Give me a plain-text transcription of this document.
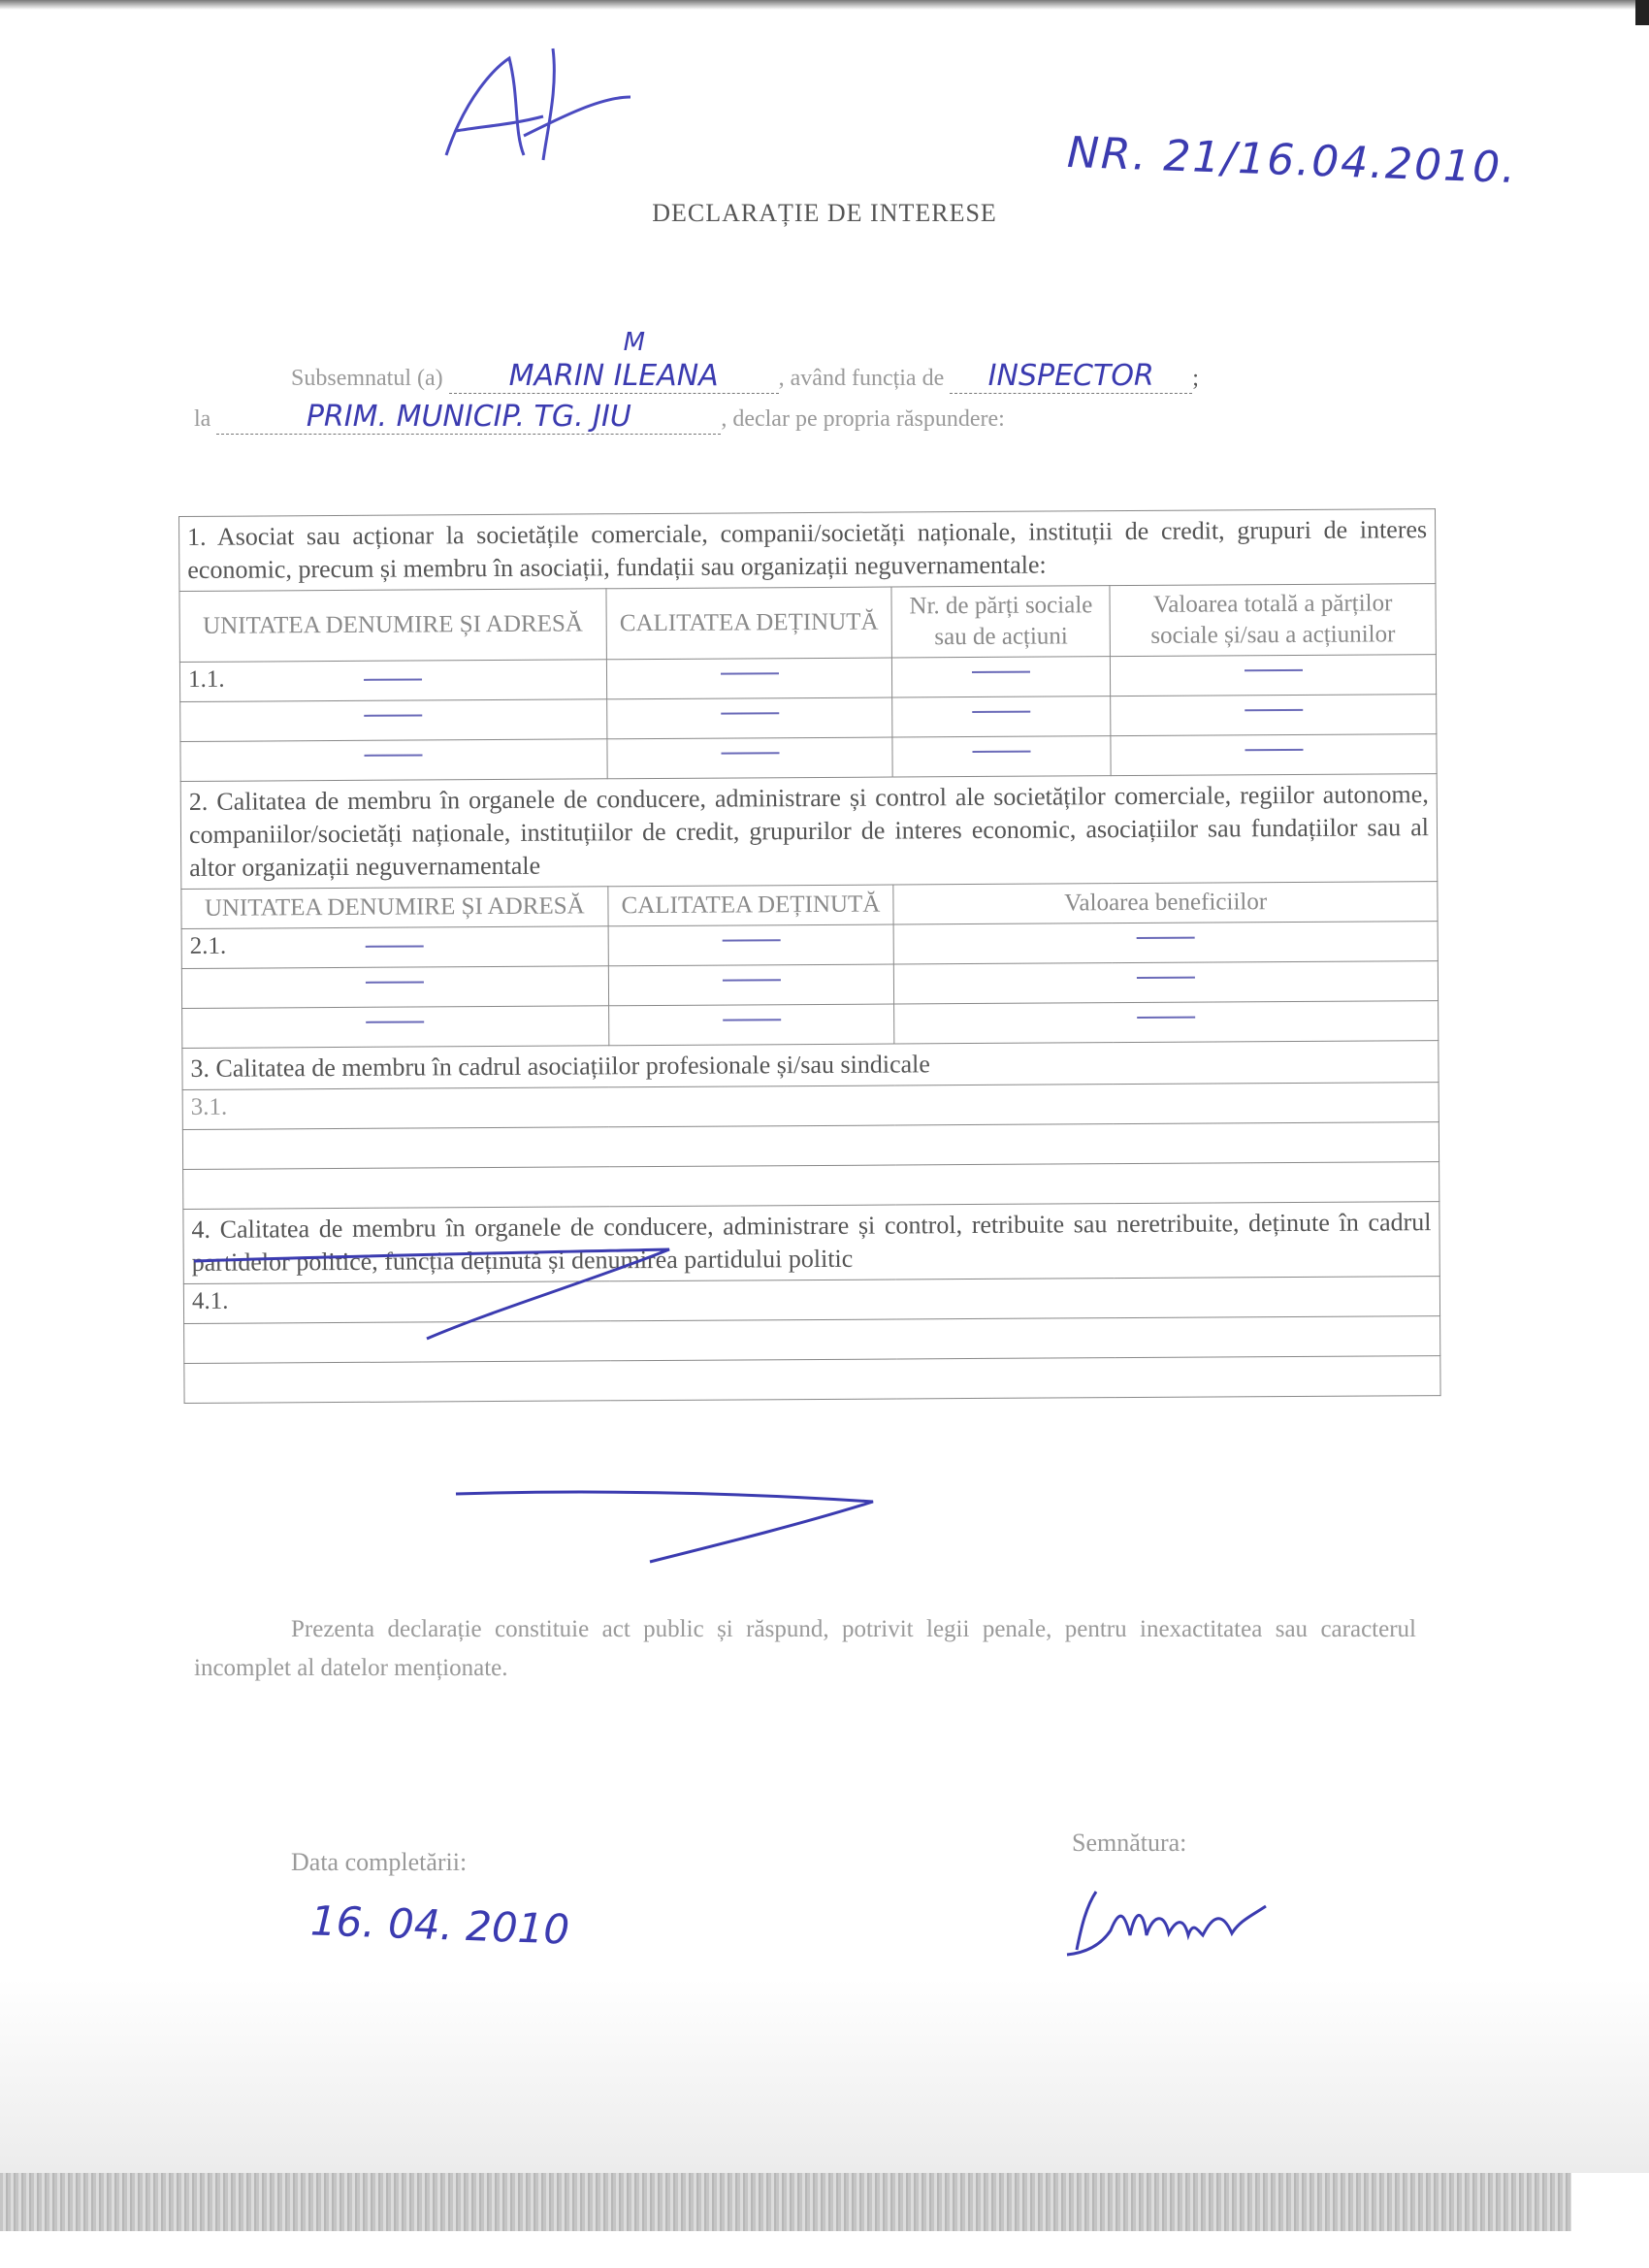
NR. 21/16.04.2010.
DECLARAȚIE DE INTERESE
Subsemnatul (a)
M
MARIN ILEANA	, având funcția de INSPECTOR ;
la	PRIM. MUNICIP. TG. JIU	, declar pe propria răspundere:
1. Asociat sau acționar la societățile comerciale, companii/societăți naționale, instituții de credit, grupuri de interes economic, precum și membru în asociații, fundații sau organizații neguvernamentale:			
UNITATEA DENUMIRE ȘI ADRESĂ	CALITATEA DEȚINUTĂ	Nr. de părți sociale sau de acțiuni	Valoarea totală a părților sociale și/sau a acțiunilor
1.1.

2. Calitatea de membru în organele de conducere, administrare și control ale societăților comerciale, regiilor autonome, companiilor/societăți naționale, instituțiilor de credit, grupurilor de interes economic, asociațiilor sau fundațiilor sau al altor organizații neguvernamentale			
UNITATEA DENUMIRE ȘI ADRESĂ	CALITATEA DEȚINUTĂ	Valoarea beneficiilor	
2.1.	

3. Calitatea de membru în cadrul asociațiilor profesionale și/sau sindicale			
3.1.			

4. Calitatea de membru în organele de conducere, administrare și control, retribuite sau neretribuite, deținute în cadrul partidelor politice, funcția deținută și denumirea partidului politic			
4.1.			

Prezenta declarație constituie act public și răspund, potrivit legii penale, pentru inexactitatea sau caracterul incomplet al datelor menționate.
Data completării:
16. 04. 2010
Semnătura:
